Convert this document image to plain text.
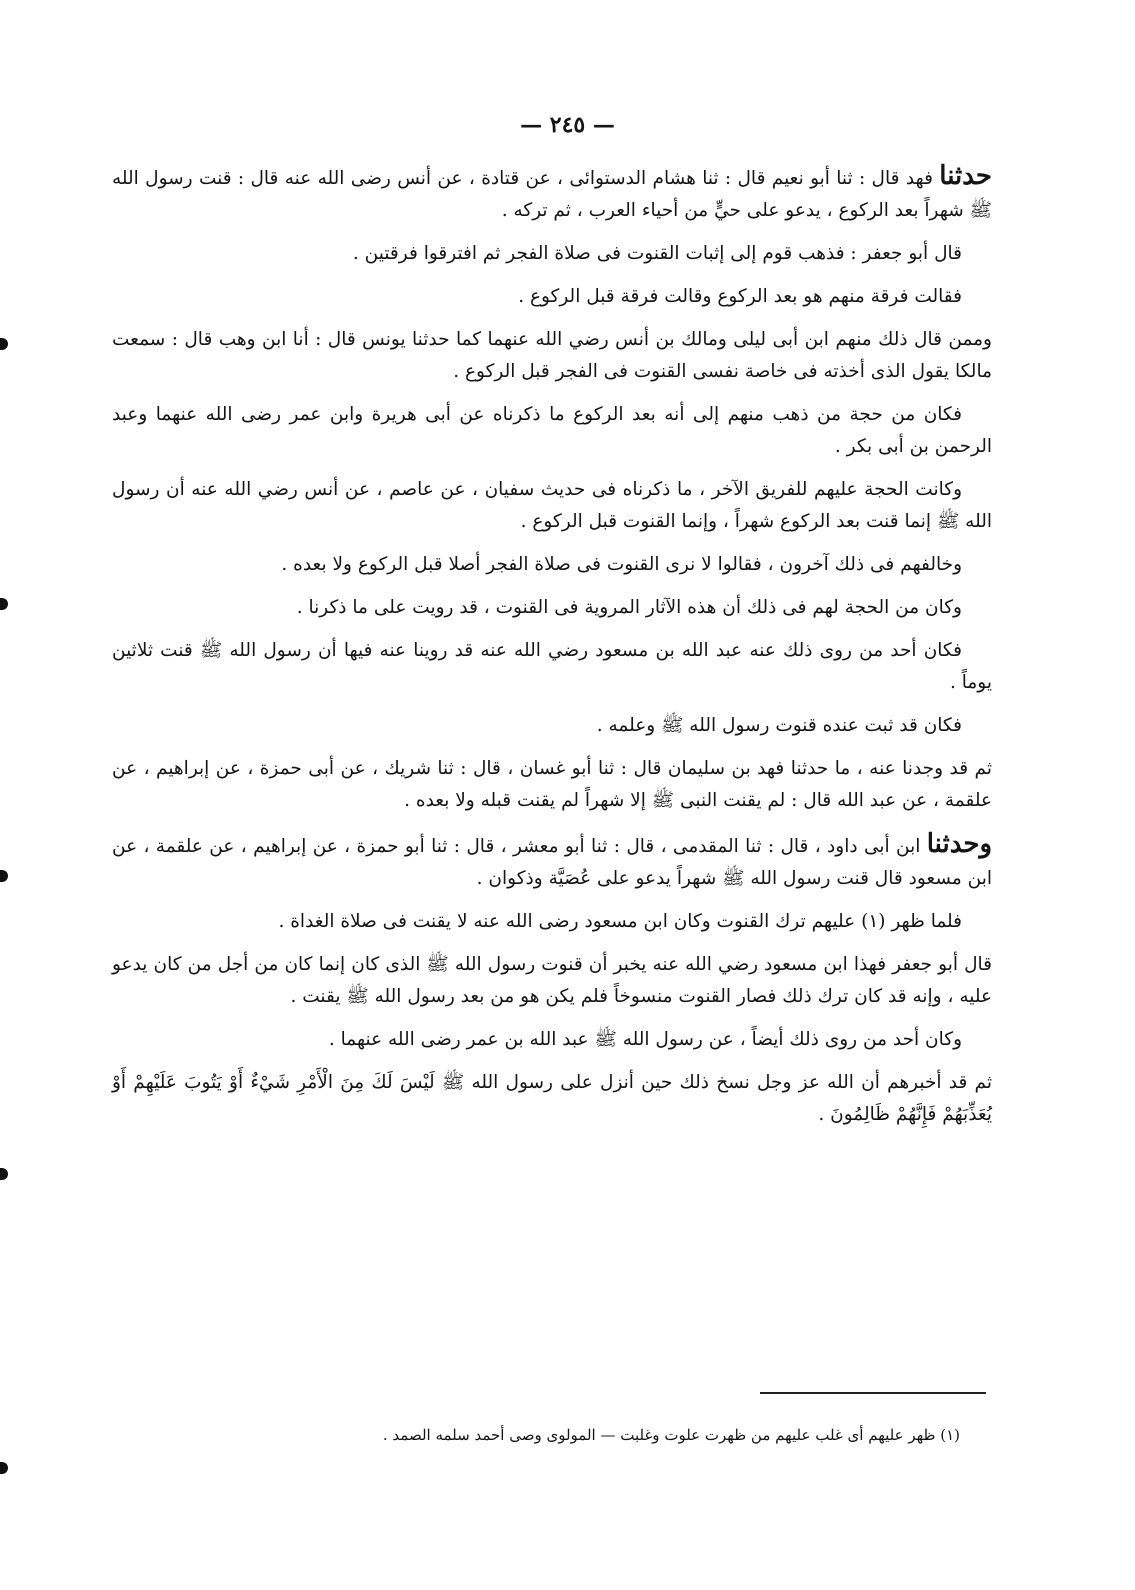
— ٢٤٥ —

حدثنا فهد قال : ثنا أبو نعيم قال : ثنا هشام الدستوائى ، عن قتادة ، عن أنس رضى الله عنه قال : قنت رسول الله ﷺ شهراً بعد الركوع ، يدعو على حيٍّ من أحياء العرب ، ثم تركه .

قال أبو جعفر : فذهب قوم إلى إثبات القنوت فى صلاة الفجر ثم افترقوا فرقتين .

فقالت فرقة منهم هو بعد الركوع وقالت فرقة قبل الركوع .

وممن قال ذلك منهم ابن أبى ليلى ومالك بن أنس رضي الله عنهما كما حدثنا يونس قال : أنا ابن وهب قال : سمعت مالكا يقول الذى أخذته فى خاصة نفسى القنوت فى الفجر قبل الركوع .

فكان من حجة من ذهب منهم إلى أنه بعد الركوع ما ذكرناه عن أبى هريرة وابن عمر رضى الله عنهما وعبد الرحمن بن أبى بكر .

وكانت الحجة عليهم للفريق الآخر ، ما ذكرناه فى حديث سفيان ، عن عاصم ، عن أنس رضي الله عنه أن رسول الله ﷺ إنما قنت بعد الركوع شهراً ، وإنما القنوت قبل الركوع .

وخالفهم فى ذلك آخرون ، فقالوا لا نرى القنوت فى صلاة الفجر أصلا قبل الركوع ولا بعده .

وكان من الحجة لهم فى ذلك أن هذه الآثار المروية فى القنوت ، قد رويت على ما ذكرنا .

فكان أحد من روى ذلك عنه عبد الله بن مسعود رضي الله عنه قد روينا عنه فيها أن رسول الله ﷺ قنت ثلاثين يوماً .

فكان قد ثبت عنده قنوت رسول الله ﷺ وعلمه .

ثم قد وجدنا عنه ، ما حدثنا فهد بن سليمان قال : ثنا أبو غسان ، قال : ثنا شريك ، عن أبى حمزة ، عن إبراهيم ، عن علقمة ، عن عبد الله قال : لم يقنت النبى ﷺ إلا شهراً لم يقنت قبله ولا بعده .

وحدثنا ابن أبى داود ، قال : ثنا المقدمى ، قال : ثنا أبو معشر ، قال : ثنا أبو حمزة ، عن إبراهيم ، عن علقمة ، عن ابن مسعود قال قنت رسول الله ﷺ شهراً يدعو على عُصَيَّة وذكوان .

فلما ظهر (١) عليهم ترك القنوت وكان ابن مسعود رضى الله عنه لا يقنت فى صلاة الغداة .

قال أبو جعفر فهذا ابن مسعود رضي الله عنه يخبر أن قنوت رسول الله ﷺ الذى كان إنما كان من أجل من كان يدعو عليه ، وإنه قد كان ترك ذلك فصار القنوت منسوخاً فلم يكن هو من بعد رسول الله ﷺ يقنت .

وكان أحد من روى ذلك أيضاً ، عن رسول الله ﷺ عبد الله بن عمر رضى الله عنهما .

ثم قد أخبرهم أن الله عز وجل نسخ ذلك حين أنزل على رسول الله ﷺ لَيْسَ لَكَ مِنَ الْأَمْرِ شَيْءٌ أَوْ يَتُوبَ عَلَيْهِمْ أَوْ يُعَذِّبَهُمْ فَإِنَّهُمْ ظَالِمُونَ .

(١) ظهر عليهم أى غلب عليهم من ظهرت علوت وغلبت — المولوى وصى أحمد سلمه الصمد .
